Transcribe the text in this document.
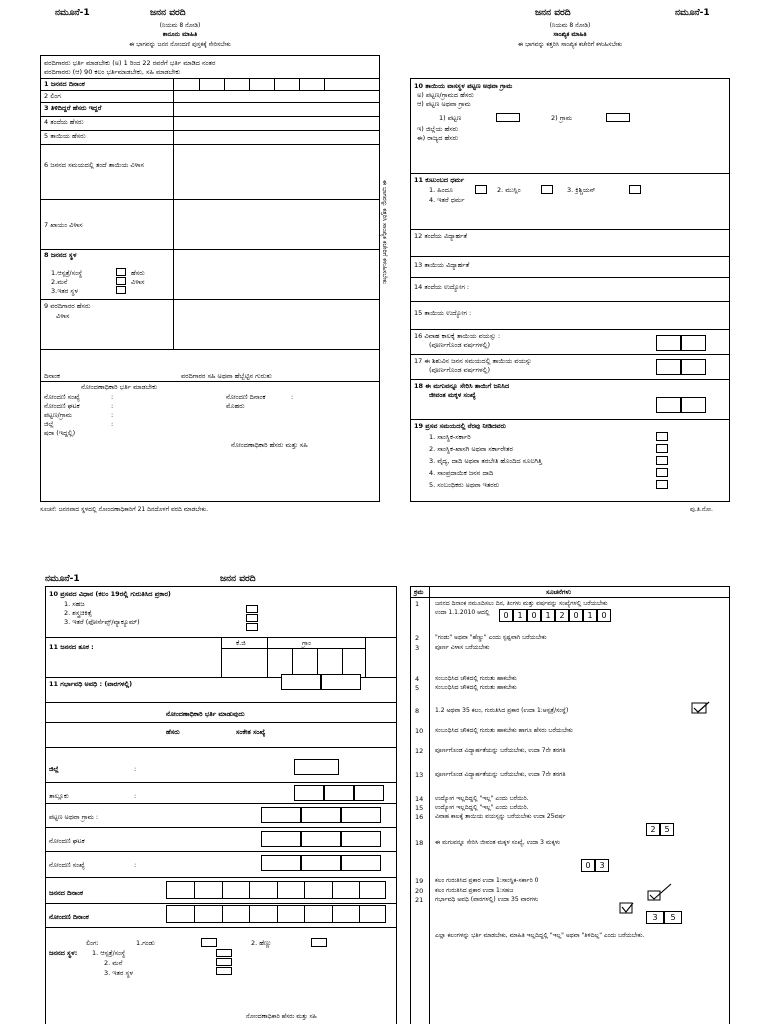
ನಮೂನೆ-1	ಜನನ ವರದಿ
(ನಿಯಮ 8 ನೋಡಿ)
ಕಾನೂನು ಮಾಹಿತಿ
ಈ ಭಾಗವನ್ನು ಜನನ ನೋಂದಣಿ ಪುಸ್ತಕಕ್ಕೆ ಸೇರಿಸಬೇಕು
ಜನನ ವರದಿ	ನಮೂನೆ-1
(ನಿಯಮ 8 ನೋಡಿ)
ಸಾಂಖ್ಯಿಕ ಮಾಹಿತಿ
ಈ ಭಾಗವನ್ನು ಕತ್ತರಿಸಿ ಸಾಂಖ್ಯಿಕ ಕಚೇರಿಗೆ ಕಳುಹಿಸಬೇಕು
ವರದಿಗಾರರು ಭರ್ತಿ ಮಾಡಬೇಕು (ಅ) 1 ರಿಂದ 22 ರವರೆಗೆ ಭರ್ತಿ ಮಾಡಿದ ನಂತರ
ವರದಿಗಾರರು (ಆ) 90 ಕಲಂ ಭರ್ತಿಮಾಡಬೇಕು, ಸಹಿ ಮಾಡಬೇಕು
1 ಜನನದ ದಿನಾಂಕ
2 ಲಿಂಗ
3 ತಿಳಿದಿದ್ದರೆ ಹೆಸರು ಇದ್ದರೆ
4 ತಂದೆಯ ಹೆಸರು
5 ತಾಯಿಯ ಹೆಸರು
6 ಜನನದ ಸಮಯದಲ್ಲಿ ತಂದೆ ತಾಯಿಯ ವಿಳಾಸ
7 ಖಾಯಂ ವಿಳಾಸ
8 ಜನನದ ಸ್ಥಳ
1.ಆಸ್ಪತ್ರೆ/ಸಂಸ್ಥೆ	ಹೆಸರು
2.ಮನೆ	ವಿಳಾಸ
3.ಇತರ ಸ್ಥಳ
9 ವರದಿಗಾರರ ಹೆಸರು
ವಿಳಾಸ
ದಿನಾಂಕ	ವರದಿಗಾರರ ಸಹಿ ಅಥವಾ ಹೆಬ್ಬೆಟ್ಟಿನ ಗುರುತು
ನೋಂದಣಾಧಿಕಾರಿ ಭರ್ತಿ ಮಾಡಬೇಕು
ನೋಂದಣಿ ಸಂಖ್ಯೆ	:	ನೋಂದಣಿ ದಿನಾಂಕ	:
ನೋಂದಣಿ ಘಟಕ	:	ಮೊಹರು
ಪಟ್ಟಣ/ಗ್ರಾಮ	:
ಜಿಲ್ಲೆ	:
ಷರಾ (ಇದ್ದಲ್ಲಿ)
ನೋಂದಣಾಧಿಕಾರಿ ಹೆಸರು ಮತ್ತು ಸಹಿ
ಈ ಭಾಗವನ್ನು ಕತ್ತರಿಸಿ ಸಾಂಖ್ಯಿಕ ಕಚೇರಿಗೆ ಕಳುಹಿಸಬೇಕು
10 ತಾಯಿಯ ವಾಸಸ್ಥಳ ಪಟ್ಟಣ ಅಥವಾ ಗ್ರಾಮ
ಅ) ಪಟ್ಟಣ/ಗ್ರಾಮದ ಹೆಸರು
ಆ) ಪಟ್ಟಣ ಅಥವಾ ಗ್ರಾಮ
1) ಪಟ್ಟಣ	2) ಗ್ರಾಮ
ಇ) ಜಿಲ್ಲೆಯ ಹೆಸರು
ಈ) ರಾಜ್ಯದ ಹೆಸರು
11 ಕುಟುಂಬದ ಧರ್ಮ
1. ಹಿಂದೂ	2. ಮುಸ್ಲಿಂ	3. ಕ್ರಿಶ್ಚಿಯನ್
4. ಇತರೆ ಧರ್ಮ
12 ತಂದೆಯ ವಿದ್ಯಾರ್ಹತೆ
13 ತಾಯಿಯ ವಿದ್ಯಾರ್ಹತೆ
14 ತಂದೆಯ ಉದ್ಯೋಗ :
15 ತಾಯಿಯ ಉದ್ಯೋಗ :
16 ವಿವಾಹ ಕಾಲಕ್ಕೆ ತಾಯಿಯ ವಯಸ್ಸು :
(ಪೂರ್ಣಗೊಂಡ ವರ್ಷಗಳಲ್ಲಿ)
17 ಈ ಶಿಶುವಿನ ಜನನ ಸಮಯದಲ್ಲಿ ತಾಯಿಯ ವಯಸ್ಸು
(ಪೂರ್ಣಗೊಂಡ ವರ್ಷಗಳಲ್ಲಿ)
18 ಈ ಮಗುವನ್ನೂ ಸೇರಿಸಿ ತಾಯಿಗೆ ಜನಿಸಿದ
ಜೀವಂತ ಮಕ್ಕಳ ಸಂಖ್ಯೆ
19 ಪ್ರಸವ ಸಮಯದಲ್ಲಿ ನೆರವು ನೀಡಿದವರು
1. ಸಾಂಸ್ಥಿಕ-ಸರ್ಕಾರಿ
2. ಸಾಂಸ್ಥಿಕ-ಖಾಸಗಿ ಅಥವಾ ಸರ್ಕಾರೇತರ
3. ವೈದ್ಯ, ದಾದಿ ಅಥವಾ ತರಬೇತಿ ಹೊಂದಿದ ಸೂಲಗಿತ್ತಿ
4. ಸಾಂಪ್ರದಾಯಿಕ ಜನನ ದಾದಿ
5. ಸಂಬಂಧಿಕರು ಅಥವಾ ಇತರರು
ಸೂಚನೆ: ಜನನವಾದ ಸ್ಥಳದಲ್ಲಿ ನೋಂದಣಾಧಿಕಾರಿಗೆ 21 ದಿನದೊಳಗೆ ವರದಿ ಮಾಡಬೇಕು.	ಪು.ತಿ.ನೋ.
ನಮೂನೆ-1	ಜನನ ವರದಿ
10 ಪ್ರಸವದ ವಿಧಾನ (ಕಲಂ 19ರಲ್ಲಿ ಗುರುತಿಸಿದ ಪ್ರಕಾರ)
1. ಸಹಜ
2. ಶಸ್ತ್ರಚಿಕಿತ್ಸೆ
3. ಇತರೆ (ಫೋರ್ಸೆಪ್ಸ್/ವ್ಯಾಕ್ಯೂಮ್)
11 ಜನನದ ತೂಕ :	ಕೆ.ಜಿ	ಗ್ರಾಂ
11 ಗರ್ಭಾವಧಿ ಅವಧಿ : (ವಾರಗಳಲ್ಲಿ)
ನೋಂದಣಾಧಿಕಾರಿ ಭರ್ತಿ ಮಾಡುವುದು
ಹೆಸರು	ಸಂಕೇತ ಸಂಖ್ಯೆ
ಜಿಲ್ಲೆ	:
ತಾಲ್ಲೂಕು	:
ಪಟ್ಟಣ ಅಥವಾ ಗ್ರಾಮ :
ನೋಂದಣಿ ಘಟಕ
ನೋಂದಣಿ ಸಂಖ್ಯೆ	:
ಜನನದ ದಿನಾಂಕ
ನೋಂದಣಿ ದಿನಾಂಕ
ಲಿಂಗ:	1.ಗಂಡು	2. ಹೆಣ್ಣು
ಜನನದ ಸ್ಥಳ: 1. ಆಸ್ಪತ್ರೆ/ಸಂಸ್ಥೆ
2. ಮನೆ
3. ಇತರ ಸ್ಥಳ
ನೋಂದಣಾಧಿಕಾರಿ ಹೆಸರು ಮತ್ತು ಸಹಿ
ಕ್ರಮ	ಸೂಚನೆಗಳು
1	ಜನನದ ದಿನಾಂಕ ನಮೂದಿಸಲು ದಿನ, ತಿಂಗಳು ಮತ್ತು ವರ್ಷವನ್ನು ಸಂಖ್ಯೆಗಳಲ್ಲಿ ಬರೆಯಬೇಕು
ಉದಾ 1.1.2010 ಆದಲ್ಲಿ
2	"ಗಂಡು" ಅಥವಾ "ಹೆಣ್ಣು" ಎಂದು ಸ್ಪಷ್ಟವಾಗಿ ಬರೆಯಬೇಕು
3	ಪೂರ್ಣ ವಿಳಾಸ ಬರೆಯಬೇಕು
4	ಸಂಬಂಧಿಸಿದ ಚೌಕದಲ್ಲಿ ಗುರುತು ಹಾಕಬೇಕು
5	ಸಂಬಂಧಿಸಿದ ಚೌಕದಲ್ಲಿ ಗುರುತು ಹಾಕಬೇಕು
8	1.2 ಅಥವಾ 35 ಕಲಂ, ಗುರುತಿಸಿದ ಪ್ರಕಾರ (ಉದಾ 1:ಆಸ್ಪತ್ರೆ/ಸಂಸ್ಥೆ)
10 ಸಂಬಂಧಿಸಿದ ಚೌಕದಲ್ಲಿ ಗುರುತು ಹಾಕಬೇಕು ಹಾಗೂ ಹೆಸರು ಬರೆಯಬೇಕು
12 ಪೂರ್ಣಗೊಂಡ ವಿದ್ಯಾರ್ಹತೆಯನ್ನು ಬರೆಯಬೇಕು, ಉದಾ 7ನೇ ತರಗತಿ
13 ಪೂರ್ಣಗೊಂಡ ವಿದ್ಯಾರ್ಹತೆಯನ್ನು ಬರೆಯಬೇಕು, ಉದಾ 7ನೇ ತರಗತಿ
14 ಉದ್ಯೋಗ ಇಲ್ಲದಿದ್ದಲ್ಲಿ "ಇಲ್ಲ" ಎಂದು ಬರೆಯಿರಿ.
15 ಉದ್ಯೋಗ ಇಲ್ಲದಿದ್ದಲ್ಲಿ "ಇಲ್ಲ" ಎಂದು ಬರೆಯಿರಿ.
16 ವಿವಾಹ ಕಾಲಕ್ಕೆ ತಾಯಿಯ ವಯಸ್ಸನ್ನು ಬರೆಯಬೇಕು ಉದಾ 25ವರ್ಷ
18 ಈ ಮಗುವನ್ನೂ ಸೇರಿಸಿ ಜೀವಂತ ಮಕ್ಕಳ ಸಂಖ್ಯೆ, ಉದಾ 3 ಮಕ್ಕಳು
19 ಕಲಂ ಗುರುತಿಸಿದ ಪ್ರಕಾರ ಉದಾ 1:ಸಾಂಸ್ಥಿಕ-ಸರ್ಕಾರಿ 0
20 ಕಲಂ ಗುರುತಿಸಿದ ಪ್ರಕಾರ ಉದಾ 1:ಸಹಜ
21 ಗರ್ಭಾವಧಿ ಅವಧಿ (ವಾರಗಳಲ್ಲಿ) ಉದಾ 35 ವಾರಗಳು
ಎಲ್ಲಾ ಕಲಂಗಳನ್ನು ಭರ್ತಿ ಮಾಡಬೇಕು, ಮಾಹಿತಿ ಇಲ್ಲದಿದ್ದಲ್ಲಿ "ಇಲ್ಲ" ಅಥವಾ "ತಿಳಿದಿಲ್ಲ" ಎಂದು ಬರೆಯಬೇಕು.
0	1	0	1	2	0	1	0
2	5
0	3
3	5
